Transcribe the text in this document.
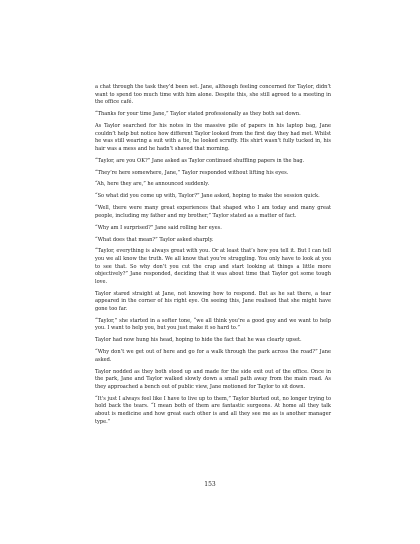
a chat through the task they’d been set. Jane, although feeling concerned for Taylor, didn’t want to spend too much time with him alone. Despite this, she still agreed to a meeting in the office café.

“Thanks for your time Jane,” Taylor stated professionally as they both sat down.

As Taylor searched for his notes in the massive pile of papers in his laptop bag, Jane couldn’t help but notice how different Taylor looked from the first day they had met. Whilst he was still wearing a suit with a tie, he looked scruffy. His shirt wasn’t fully tucked in, his hair was a mess and he hadn’t shaved that morning.

“Taylor, are you OK?” Jane asked as Taylor continued shuffling papers in the bag.

“They’re here somewhere, Jane,” Taylor responded without lifting his eyes.

“Ah, here they are,” he announced suddenly.

“So what did you come up with, Taylor?” Jane asked, hoping to make the session quick.

“Well, there were many great experiences that shaped who I am today and many great people, including my father and my brother,” Taylor stated as a matter of fact.

“Why am I surprised?” Jane said rolling her eyes.

“What does that mean?” Taylor asked sharply.

“Taylor, everything is always great with you. Or at least that’s how you tell it. But I can tell you we all know the truth. We all know that you’re struggling. You only have to look at you to see that. So why don’t you cut the crap and start looking at things a little more objectively?” Jane responded, deciding that it was about time that Taylor got some tough love.

Taylor stared straight at Jane, not knowing how to respond. But as he sat there, a tear appeared in the corner of his right eye. On seeing this, Jane realised that she might have gone too far.

“Taylor,” she started in a softer tone, “we all think you’re a good guy and we want to help you. I want to help you, but you just make it so hard to.”

Taylor had now hung his head, hoping to hide the fact that he was clearly upset.

“Why don’t we get out of here and go for a walk through the park across the road?” Jane asked.

Taylor nodded as they both stood up and made for the side exit out of the office. Once in the park, Jane and Taylor walked slowly down a small path away from the main road. As they approached a bench out of public view, Jane motioned for Taylor to sit down.

“It’s just I always feel like I have to live up to them,” Taylor blurted out, no longer trying to hold back the tears. “I mean both of them are fantastic surgeons. At home all they talk about is medicine and how great each other is and all they see me as is another manager type.”

153
